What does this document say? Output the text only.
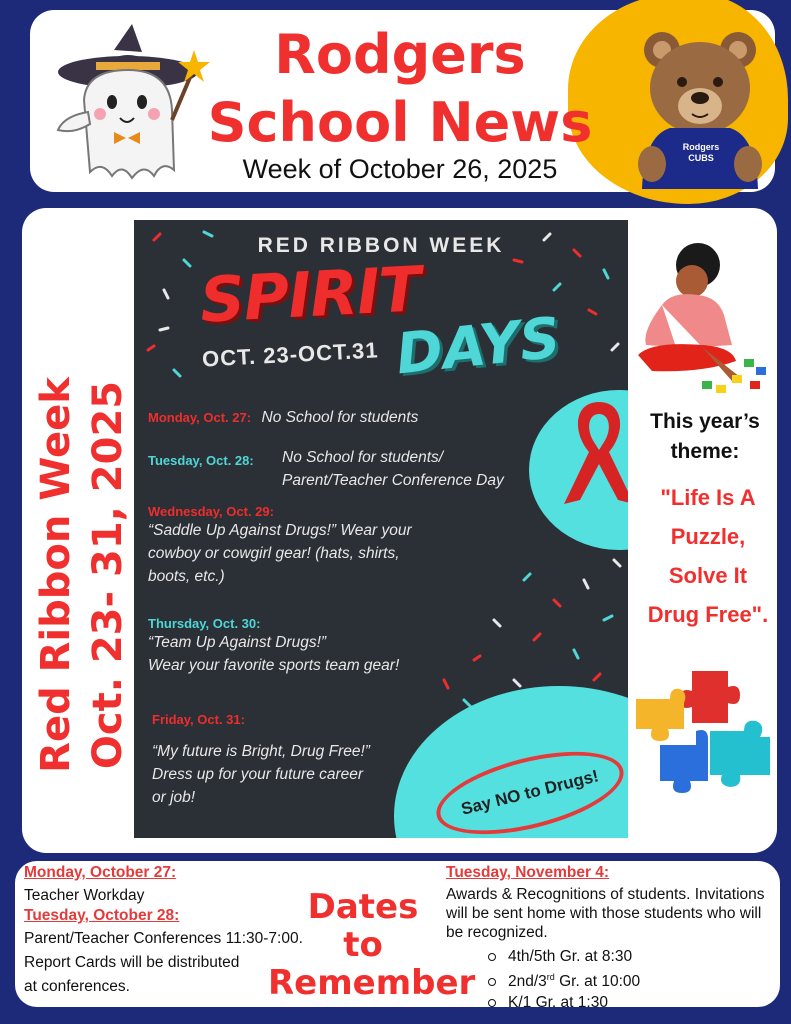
Rodgers
School News
Week of October 26, 2025
Rodgers
CUBS
Red Ribbon Week Oct. 23- 31, 2025
RED RIBBON WEEK
SPIRIT
OCT. 23-OCT.31 DAYS
Monday, Oct. 27: No School for students
Tuesday, Oct. 28: No School for students/
Parent/Teacher Conference Day
Wednesday, Oct. 29:
“Saddle Up Against Drugs!” Wear your
cowboy or cowgirl gear! (hats, shirts,
boots, etc.)
Thursday, Oct. 30:
“Team Up Against Drugs!”
Wear your favorite sports team gear!
Friday, Oct. 31:
“My future is Bright, Drug Free!”
Dress up for your future career
or job!	Say NO to Drugs!
This year’s
theme:
"Life Is A
Puzzle,
Solve It
Drug Free".
Monday, October 27:
Teacher Workday
Tuesday, October 28:
Parent/Teacher Conferences 11:30-7:00.
Report Cards will be distributed
at conferences.
Dates
to
Remember
Tuesday, November 4:
Awards & Recognitions of students. Invitations
will be sent home with those students who will
be recognized.
4th/5th Gr. at 8:30
2nd/3rd Gr. at 10:00
K/1 Gr. at 1:30
